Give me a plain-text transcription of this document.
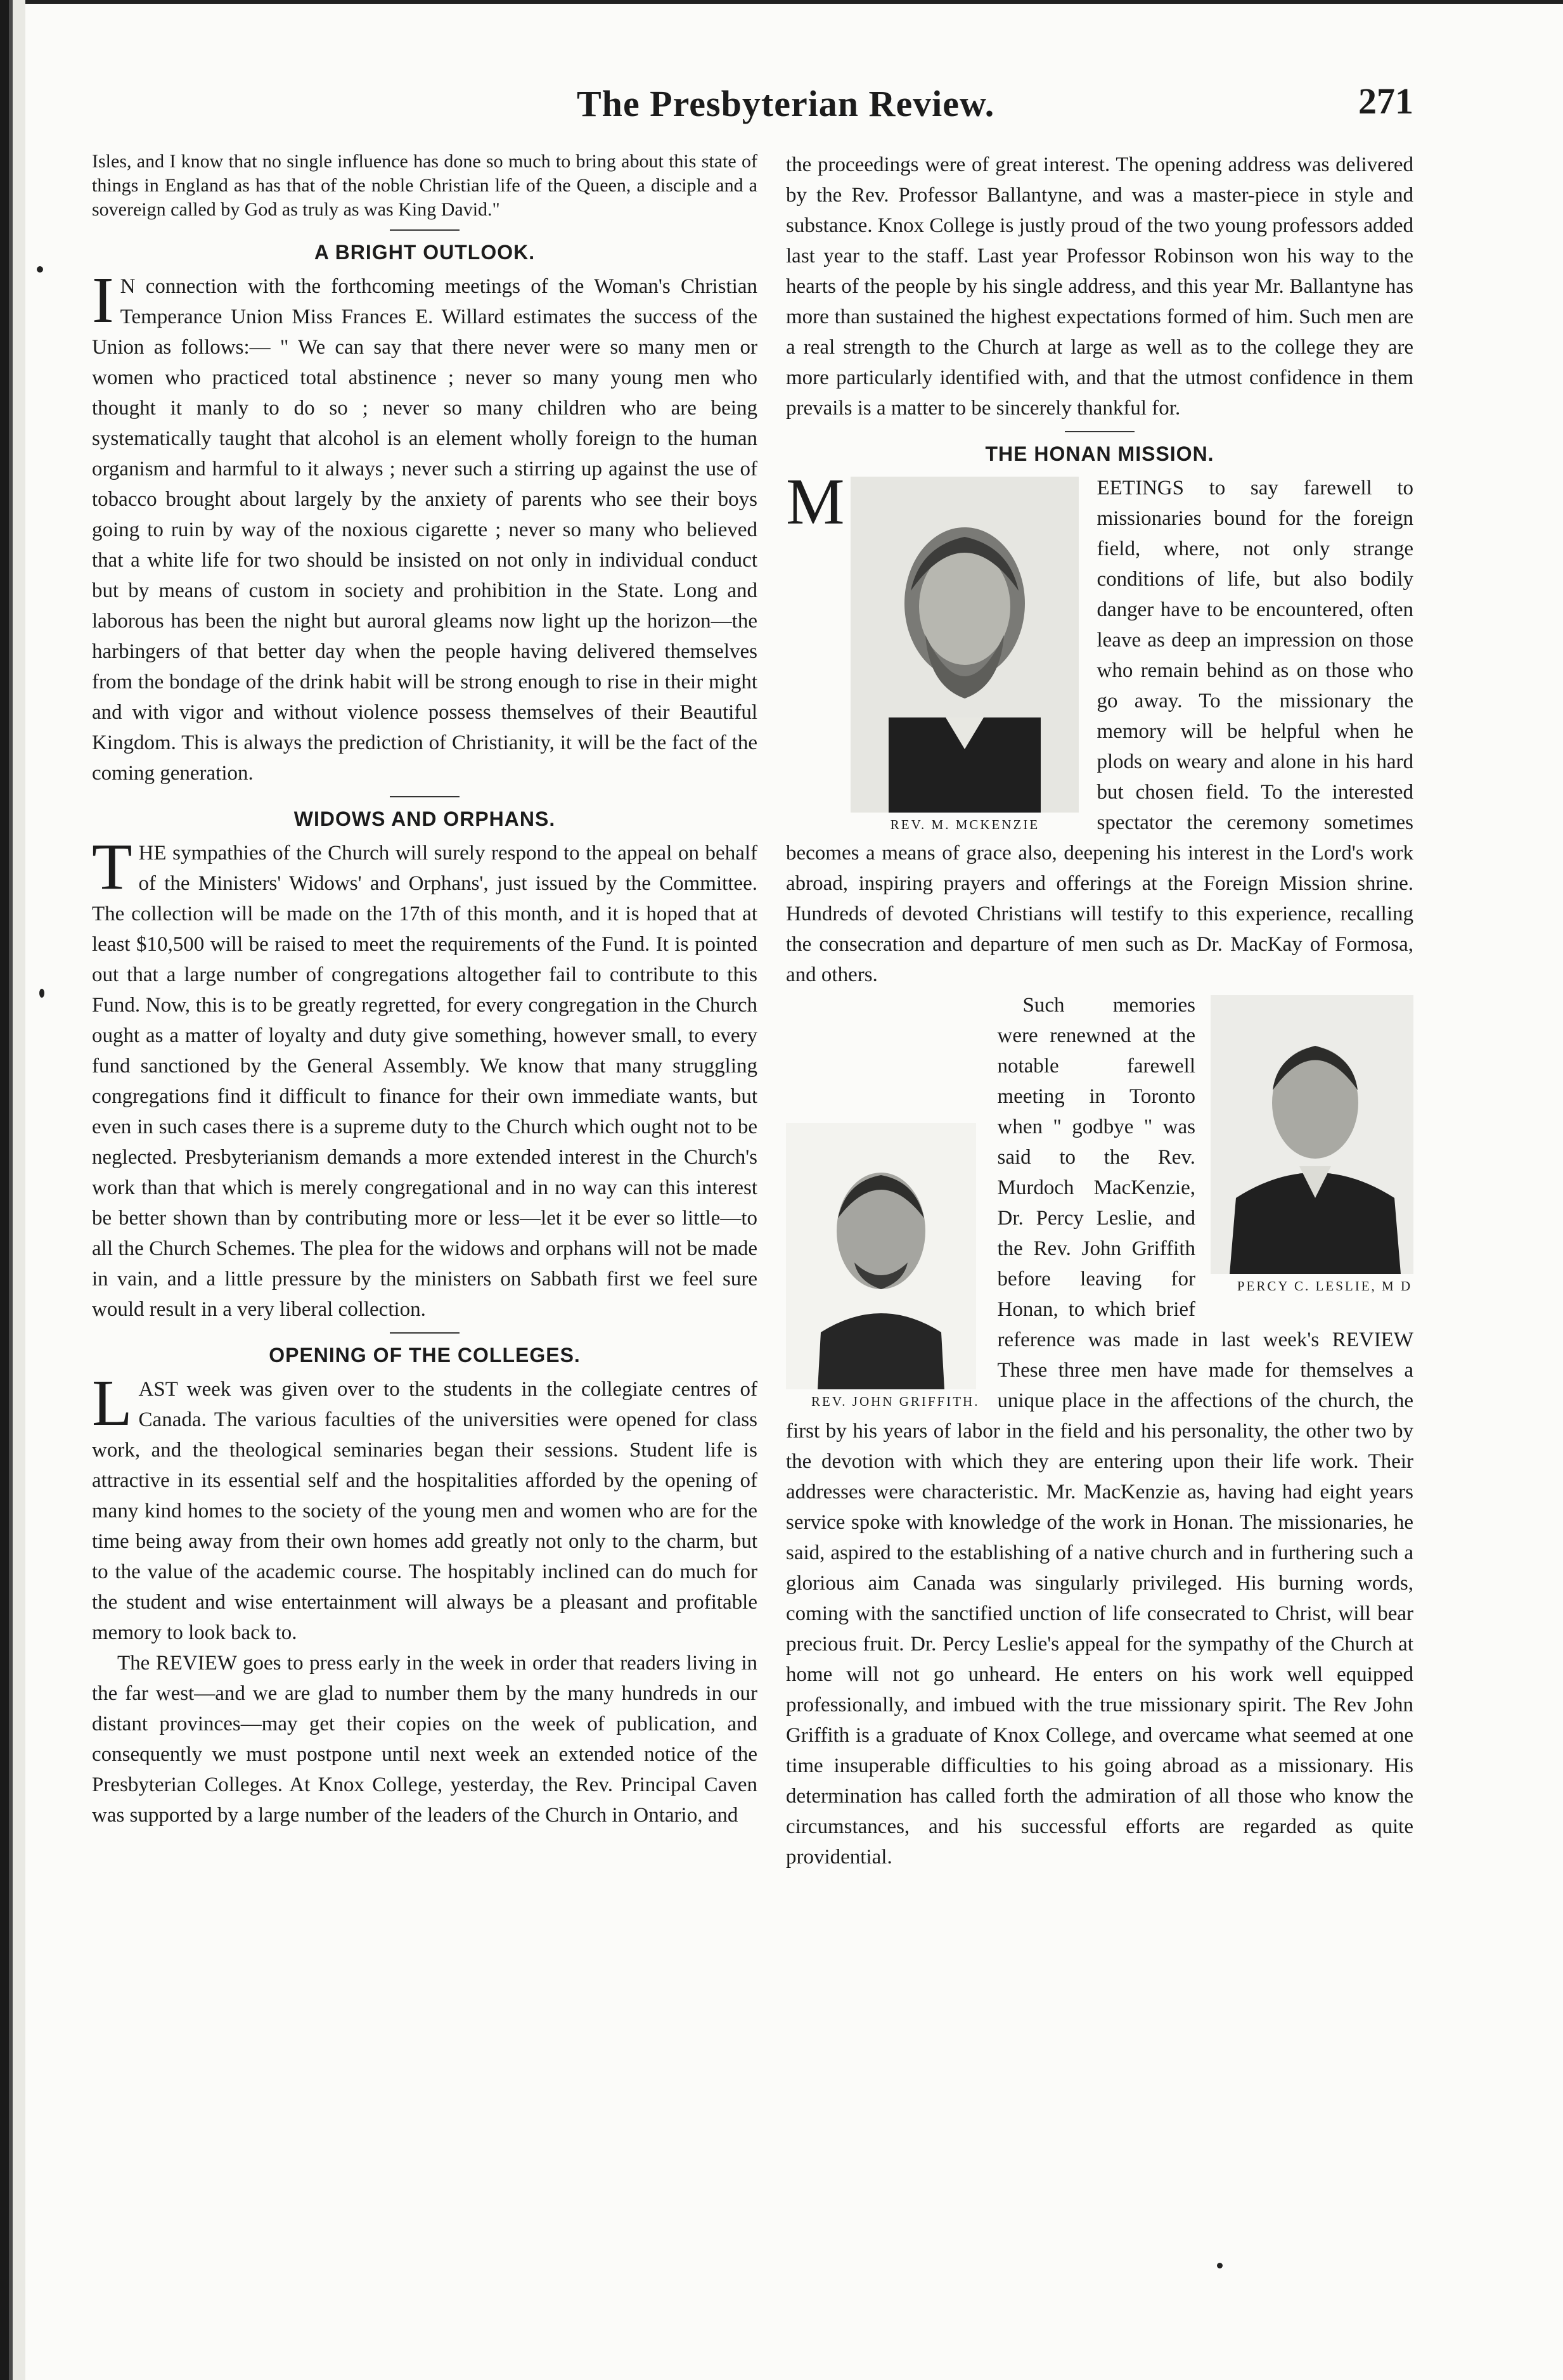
The Presbyterian Review.	271

Isles, and I know that no single influence has done so much to bring about this state of things in England as has that of the noble Christian life of the Queen, a disciple and a sovereign called by God as truly as was King David."

A BRIGHT OUTLOOK.

I N connection with the forthcoming meetings of the Woman's Christian Temperance Union Miss Frances E. Willard estimates the success of the Union as follows:— " We can say that there never were so many men or women who practiced total abstinence ; never so many young men who thought it manly to do so ; never so many children who are being systematically taught that alcohol is an element wholly foreign to the human organism and harmful to it always ; never such a stirring up against the use of tobacco brought about largely by the anxiety of parents who see their boys going to ruin by way of the noxious cigarette ; never so many who believed that a white life for two should be insisted on not only in individual conduct but by means of custom in society and prohibition in the State. Long and laborous has been the night but auroral gleams now light up the horizon—the harbingers of that better day when the people having delivered themselves from the bondage of the drink habit will be strong enough to rise in their might and with vigor and without violence possess themselves of their Beautiful Kingdom. This is always the prediction of Christianity, it will be the fact of the coming generation.

WIDOWS AND ORPHANS.

THE sympathies of the Church will surely respond to the appeal on behalf of the Ministers' Widows' and Orphans', just issued by the Committee. The collection will be made on the 17th of this month, and it is hoped that at least $10,500 will be raised to meet the requirements of the Fund. It is pointed out that a large number of congregations altogether fail to contribute to this Fund. Now, this is to be greatly regretted, for every congregation in the Church ought as a matter of loyalty and duty give something, however small, to every fund sanctioned by the General Assembly. We know that many struggling congregations find it difficult to finance for their own immediate wants, but even in such cases there is a supreme duty to the Church which ought not to be neglected. Presbyterianism demands a more extended interest in the Church's work than that which is merely congregational and in no way can this interest be better shown than by contributing more or less—let it be ever so little—to all the Church Schemes. The plea for the widows and orphans will not be made in vain, and a little pressure by the ministers on Sabbath first we feel sure would result in a very liberal collection.

OPENING OF THE COLLEGES.

LAST week was given over to the students in the collegiate centres of Canada. The various faculties of the universities were opened for class work, and the theological seminaries began their sessions. Student life is attractive in its essential self and the hospitalities afforded by the opening of many kind homes to the society of the young men and women who are for the time being away from their own homes add greatly not only to the charm, but to the value of the academic course. The hospitably inclined can do much for the student and wise entertainment will always be a pleasant and profitable memory to look back to.

The REVIEW goes to press early in the week in order that readers living in the far west—and we are glad to number them by the many hundreds in our distant provinces—may get their copies on the week of publication, and consequently we must postpone until next week an extended notice of the Presbyterian Colleges. At Knox College, yesterday, the Rev. Principal Caven was supported by a large number of the leaders of the Church in Ontario, and

the proceedings were of great interest. The opening address was delivered by the Rev. Professor Ballantyne, and was a master-piece in style and substance. Knox College is justly proud of the two young professors added last year to the staff. Last year Professor Robinson won his way to the hearts of the people by his single address, and this year Mr. Ballantyne has more than sustained the highest expectations formed of him. Such men are a real strength to the Church at large as well as to the college they are more particularly identified with, and that the utmost confidence in them prevails is a matter to be sincerely thankful for.

THE HONAN MISSION.

M
REV. M. MCKENZIE
EETINGS to say farewell to missionaries bound for the foreign field, where, not only strange conditions of life, but also bodily danger have to be encountered, often leave as deep an impression on those who remain behind as on those who go away. To the missionary the memory will be helpful when he plods on weary and alone in his hard but chosen field. To the interested spectator the ceremony sometimes becomes a means of grace also, deepening his interest in the Lord's work abroad, inspiring prayers and offerings at the Foreign Mission shrine. Hundreds of devoted Christians will testify to this experience, recalling the consecration and departure of men such as Dr. MacKay of Formosa, and others.

PERCY C. LESLIE, M D
REV. JOHN GRIFFITH.
Such memories were renewned at the notable farewell meeting in Toronto when " godbye " was said to the Rev. Murdoch MacKenzie, Dr. Percy Leslie, and the Rev. John Griffith before leaving for Honan, to which brief reference was made in last week's REVIEW These three men have made for themselves a unique place in the affections of the church, the first by his years of labor in the field and his personality, the other two by the devotion with which they are entering upon their life work. Their addresses were characteristic. Mr. MacKenzie as, having had eight years service spoke with knowledge of the work in Honan. The missionaries, he said, aspired to the establishing of a native church and in furthering such a glorious aim Canada was singularly privileged. His burning words, coming with the sanctified unction of life consecrated to Christ, will bear precious fruit. Dr. Percy Leslie's appeal for the sympathy of the Church at home will not go unheard. He enters on his work well equipped professionally, and imbued with the true missionary spirit. The Rev John Griffith is a graduate of Knox College, and overcame what seemed at one time insuperable difficulties to his going abroad as a missionary. His determination has called forth the admiration of all those who know the circumstances, and his successful efforts are regarded as quite providential.
